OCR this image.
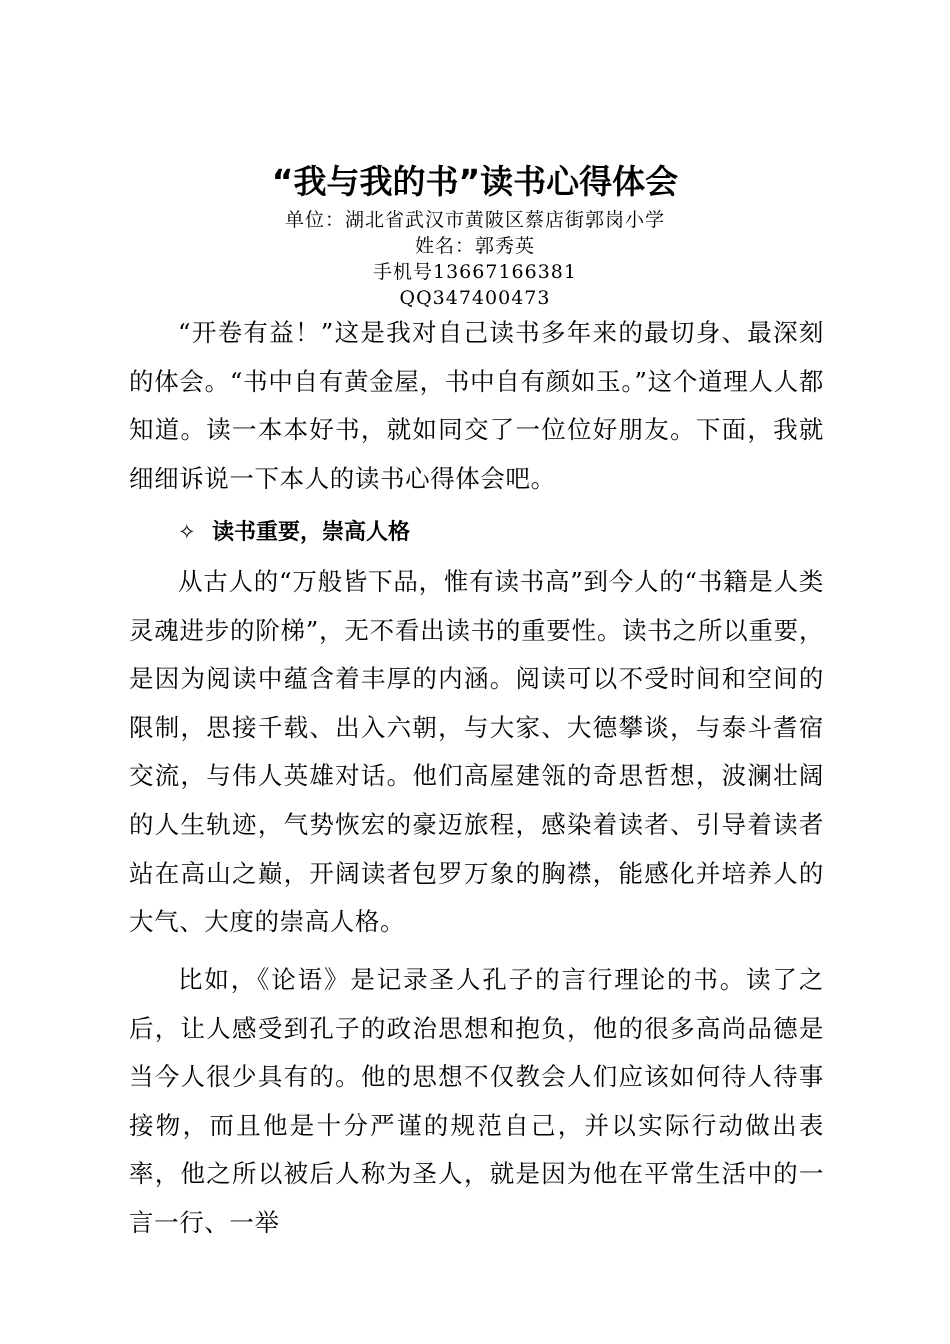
“我与我的书”读书心得体会
单位：湖北省武汉市黄陂区蔡店街郭岗小学
姓名：郭秀英
手机号13667166381
QQ347400473
“开卷有益！”这是我对自己读书多年来的最切身、最深刻的体会。“书中自有黄金屋，书中自有颜如玉。”这个道理人人都知道。读一本本好书，就如同交了一位位好朋友。下面，我就细细诉说一下本人的读书心得体会吧。
✧ 读书重要，崇高人格
从古人的“万般皆下品，惟有读书高”到今人的“书籍是人类灵魂进步的阶梯”，无不看出读书的重要性。读书之所以重要，是因为阅读中蕴含着丰厚的内涵。阅读可以不受时间和空间的限制，思接千载、出入六朝，与大家、大德攀谈，与泰斗耆宿交流，与伟人英雄对话。他们高屋建瓴的奇思哲想，波澜壮阔的人生轨迹，气势恢宏的豪迈旅程，感染着读者、引导着读者站在高山之巅，开阔读者包罗万象的胸襟，能感化并培养人的大气、大度的崇高人格。
比如，《论语》是记录圣人孔子的言行理论的书。读了之后，让人感受到孔子的政治思想和抱负，他的很多高尚品德是当今人很少具有的。他的思想不仅教会人们应该如何待人待事接物，而且他是十分严谨的规范自己，并以实际行动做出表率，他之所以被后人称为圣人，就是因为他在平常生活中的一言一行、一举
